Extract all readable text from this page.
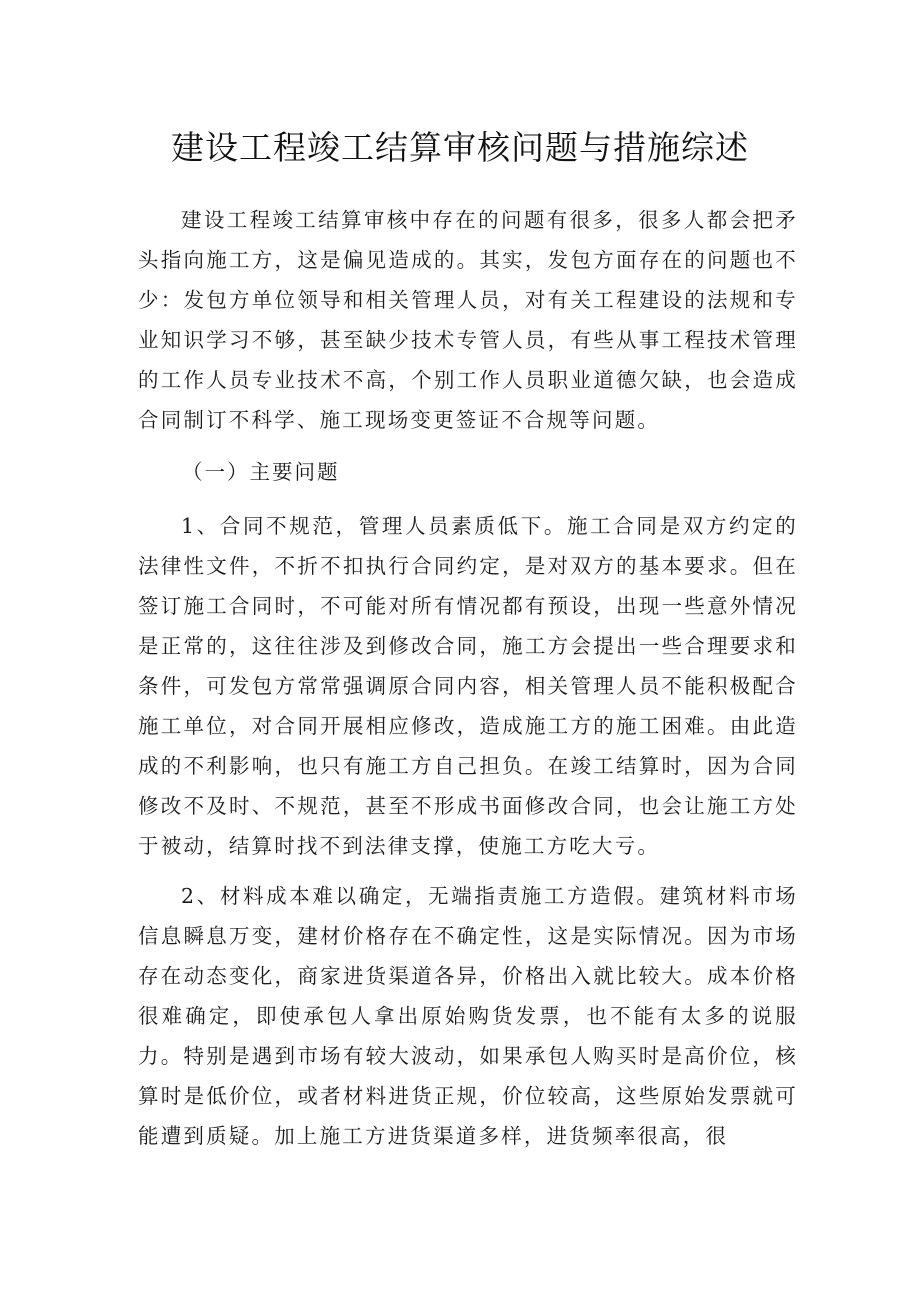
建设工程竣工结算审核问题与措施综述

建设工程竣工结算审核中存在的问题有很多，很多人都会把矛头指向施工方，这是偏见造成的。其实，发包方面存在的问题也不少：发包方单位领导和相关管理人员，对有关工程建设的法规和专业知识学习不够，甚至缺少技术专管人员，有些从事工程技术管理的工作人员专业技术不高，个别工作人员职业道德欠缺，也会造成合同制订不科学、施工现场变更签证不合规等问题。

（一）主要问题

1、合同不规范，管理人员素质低下。施工合同是双方约定的法律性文件，不折不扣执行合同约定，是对双方的基本要求。但在签订施工合同时，不可能对所有情况都有预设，出现一些意外情况是正常的，这往往涉及到修改合同，施工方会提出一些合理要求和条件，可发包方常常强调原合同内容，相关管理人员不能积极配合施工单位，对合同开展相应修改，造成施工方的施工困难。由此造成的不利影响，也只有施工方自己担负。在竣工结算时，因为合同修改不及时、不规范，甚至不形成书面修改合同，也会让施工方处于被动，结算时找不到法律支撑，使施工方吃大亏。

2、材料成本难以确定，无端指责施工方造假。建筑材料市场信息瞬息万变，建材价格存在不确定性，这是实际情况。因为市场存在动态变化，商家进货渠道各异，价格出入就比较大。成本价格很难确定，即使承包人拿出原始购货发票，也不能有太多的说服力。特别是遇到市场有较大波动，如果承包人购买时是高价位，核算时是低价位，或者材料进货正规，价位较高，这些原始发票就可能遭到质疑。加上施工方进货渠道多样，进货频率很高，很
